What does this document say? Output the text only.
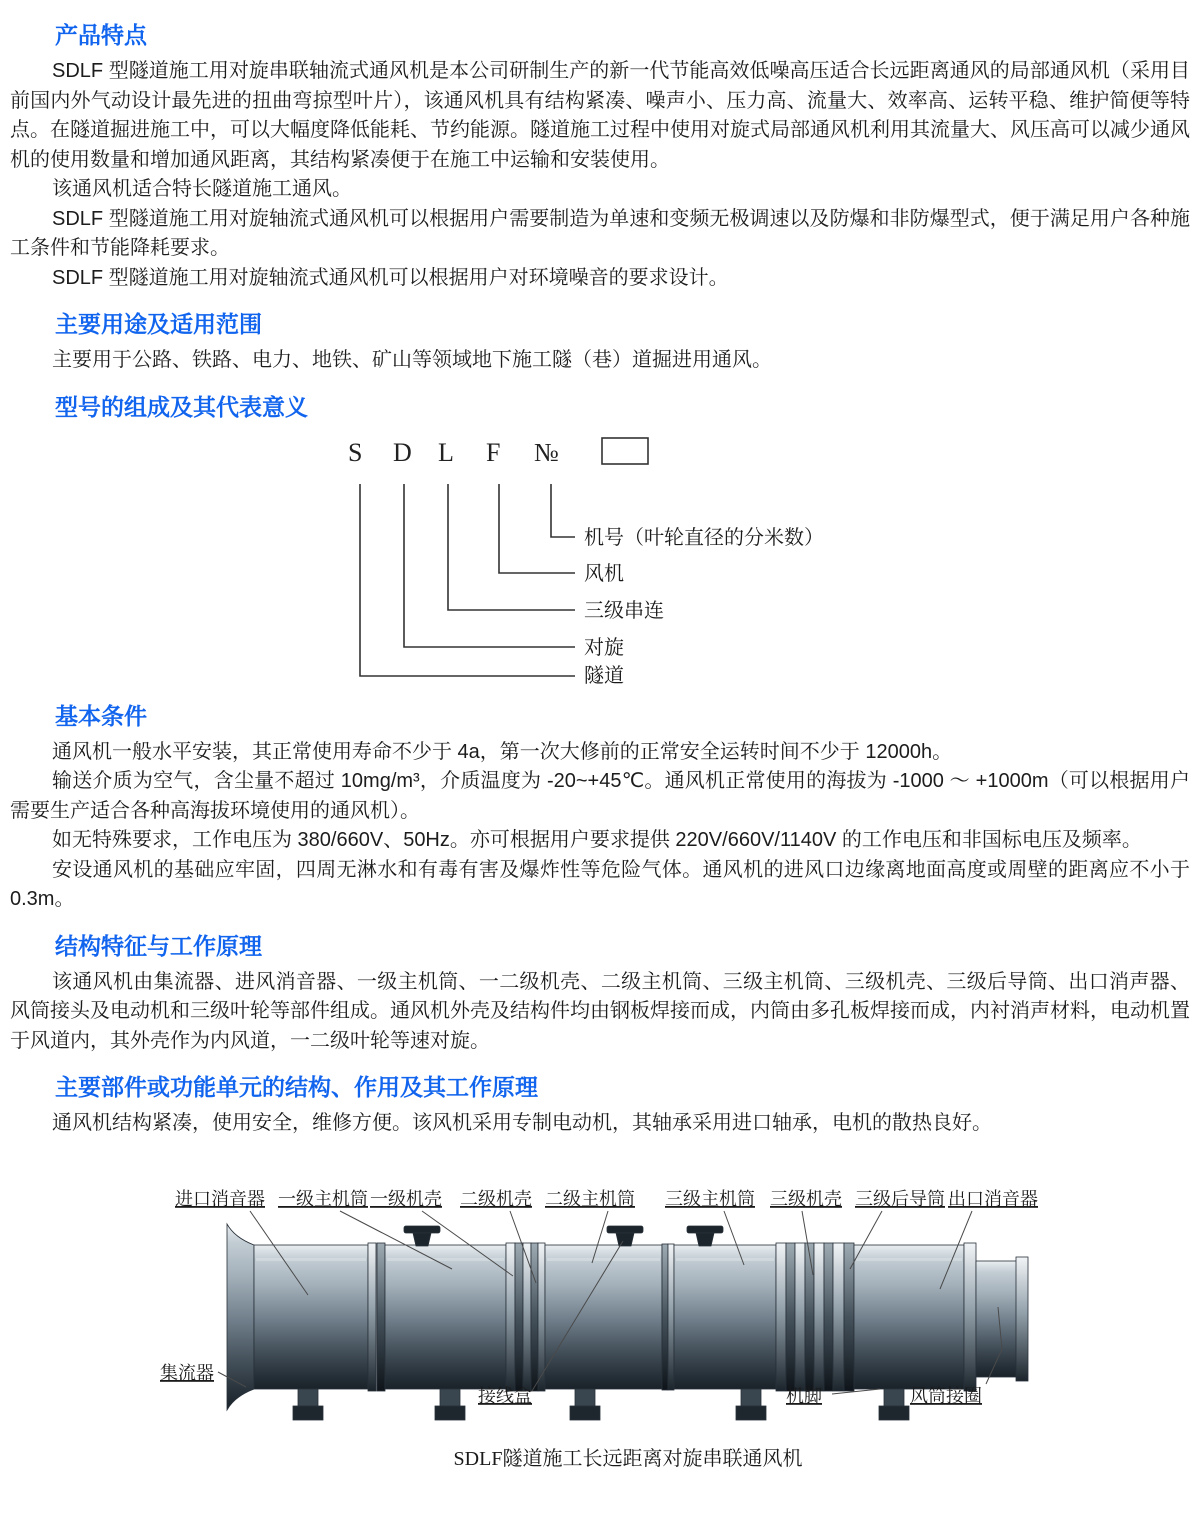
产品特点

SDLF 型隧道施工用对旋串联轴流式通风机是本公司研制生产的新一代节能高效低噪高压适合长远距离通风的局部通风机（采用目前国内外气动设计最先进的扭曲弯掠型叶片），该通风机具有结构紧凑、噪声小、压力高、流量大、效率高、运转平稳、维护简便等特点。在隧道掘进施工中，可以大幅度降低能耗、节约能源。隧道施工过程中使用对旋式局部通风机利用其流量大、风压高可以减少通风机的使用数量和增加通风距离，其结构紧凑便于在施工中运输和安装使用。

该通风机适合特长隧道施工通风。

SDLF 型隧道施工用对旋轴流式通风机可以根据用户需要制造为单速和变频无极调速以及防爆和非防爆型式，便于满足用户各种施工条件和节能降耗要求。

SDLF 型隧道施工用对旋轴流式通风机可以根据用户对环境噪音的要求设计。

主要用途及适用范围

主要用于公路、铁路、电力、地铁、矿山等领域地下施工隧（巷）道掘进用通风。

型号的组成及其代表意义
S D L F №
机号（叶轮直径的分米数）
风机
三级串连
对旋
隧道
基本条件

通风机一般水平安装，其正常使用寿命不少于 4a，第一次大修前的正常安全运转时间不少于 12000h。

输送介质为空气，含尘量不超过 10mg/m³，介质温度为 -20~+45℃。通风机正常使用的海拔为 -1000 ～ +1000m（可以根据用户需要生产适合各种高海拔环境使用的通风机）。

如无特殊要求，工作电压为 380/660V、50Hz。亦可根据用户要求提供 220V/660V/1140V 的工作电压和非国标电压及频率。

安设通风机的基础应牢固，四周无淋水和有毒有害及爆炸性等危险气体。通风机的进风口边缘离地面高度或周壁的距离应不小于 0.3m。

结构特征与工作原理

该通风机由集流器、进风消音器、一级主机筒、一二级机壳、二级主机筒、三级主机筒、三级机壳、三级后导筒、出口消声器、风筒接头及电动机和三级叶轮等部件组成。通风机外壳及结构件均由钢板焊接而成，内筒由多孔板焊接而成，内衬消声材料，电动机置于风道内，其外壳作为内风道，一二级叶轮等速对旋。

主要部件或功能单元的结构、作用及其工作原理

通风机结构紧凑，使用安全，维修方便。该风机采用专制电动机，其轴承采用进口轴承，电机的散热良好。

进口消音器 一级主机筒 一级机壳 二级机壳 二级主机筒 三级主机筒 三级机壳 三级后导筒 出口消音器
集流器
接线盒	机脚	风筒接圈
SDLF隧道施工长远距离对旋串联通风机
